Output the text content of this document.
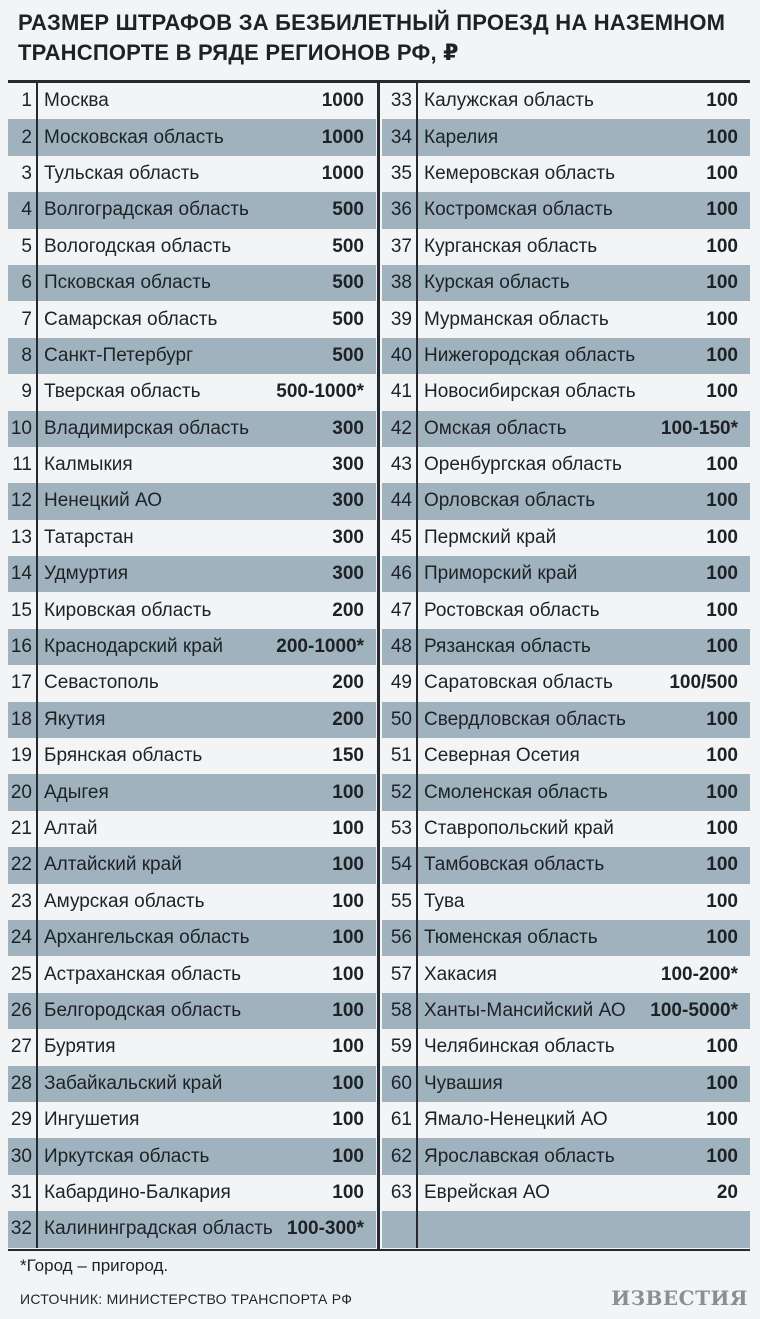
РАЗМЕР ШТРАФОВ ЗА БЕЗБИЛЕТНЫЙ ПРОЕЗД НА НАЗЕМНОМ ТРАНСПОРТЕ В РЯДЕ РЕГИОНОВ РФ, ₽
1 Москва	1000
2 Московская область	1000
3 Тульская область	1000
4 Волгоградская область	500
5 Вологодская область	500
6 Псковская область	500
7 Самарская область	500
8 Санкт-Петербург	500
9 Тверская область	500-1000*
10 Владимирская область	300
11 Калмыкия	300
12 Ненецкий АО	300
13 Татарстан	300
14 Удмуртия	300
15 Кировская область	200
16 Краснодарский край	200-1000*
17 Севастополь	200
18 Якутия	200
19 Брянская область	150
20 Адыгея	100
21 Алтай	100
22 Алтайский край	100
23 Амурская область	100
24 Архангельская область	100
25 Астраханская область	100
26 Белгородская область	100
27 Бурятия	100
28 Забайкальский край	100
29 Ингушетия	100
30 Иркутская область	100
31 Кабардино-Балкария	100
32 Калининградская область 100-300*
33 Калужская область	100
34 Карелия	100
35 Кемеровская область	100
36 Костромская область	100
37 Курганская область	100
38 Курская область	100
39 Мурманская область	100
40 Нижегородская область	100
41 Новосибирская область	100
42 Омская область	100-150*
43 Оренбургская область	100
44 Орловская область	100
45 Пермский край	100
46 Приморский край	100
47 Ростовская область	100
48 Рязанская область	100
49 Саратовская область	100/500
50 Свердловская область	100
51 Северная Осетия	100
52 Смоленская область	100
53 Ставропольский край	100
54 Тамбовская область	100
55 Тува	100
56 Тюменская область	100
57 Хакасия	100-200*
58 Ханты-Мансийский АО	100-5000*
59 Челябинская область	100
60 Чувашия	100
61 Ямало-Ненецкий АО	100
62 Ярославская область	100
63 Еврейская АО	20
*Город – пригород.
ИСТОЧНИК: МИНИСТЕРСТВО ТРАНСПОРТА РФ	ИЗВЕСТИЯ
